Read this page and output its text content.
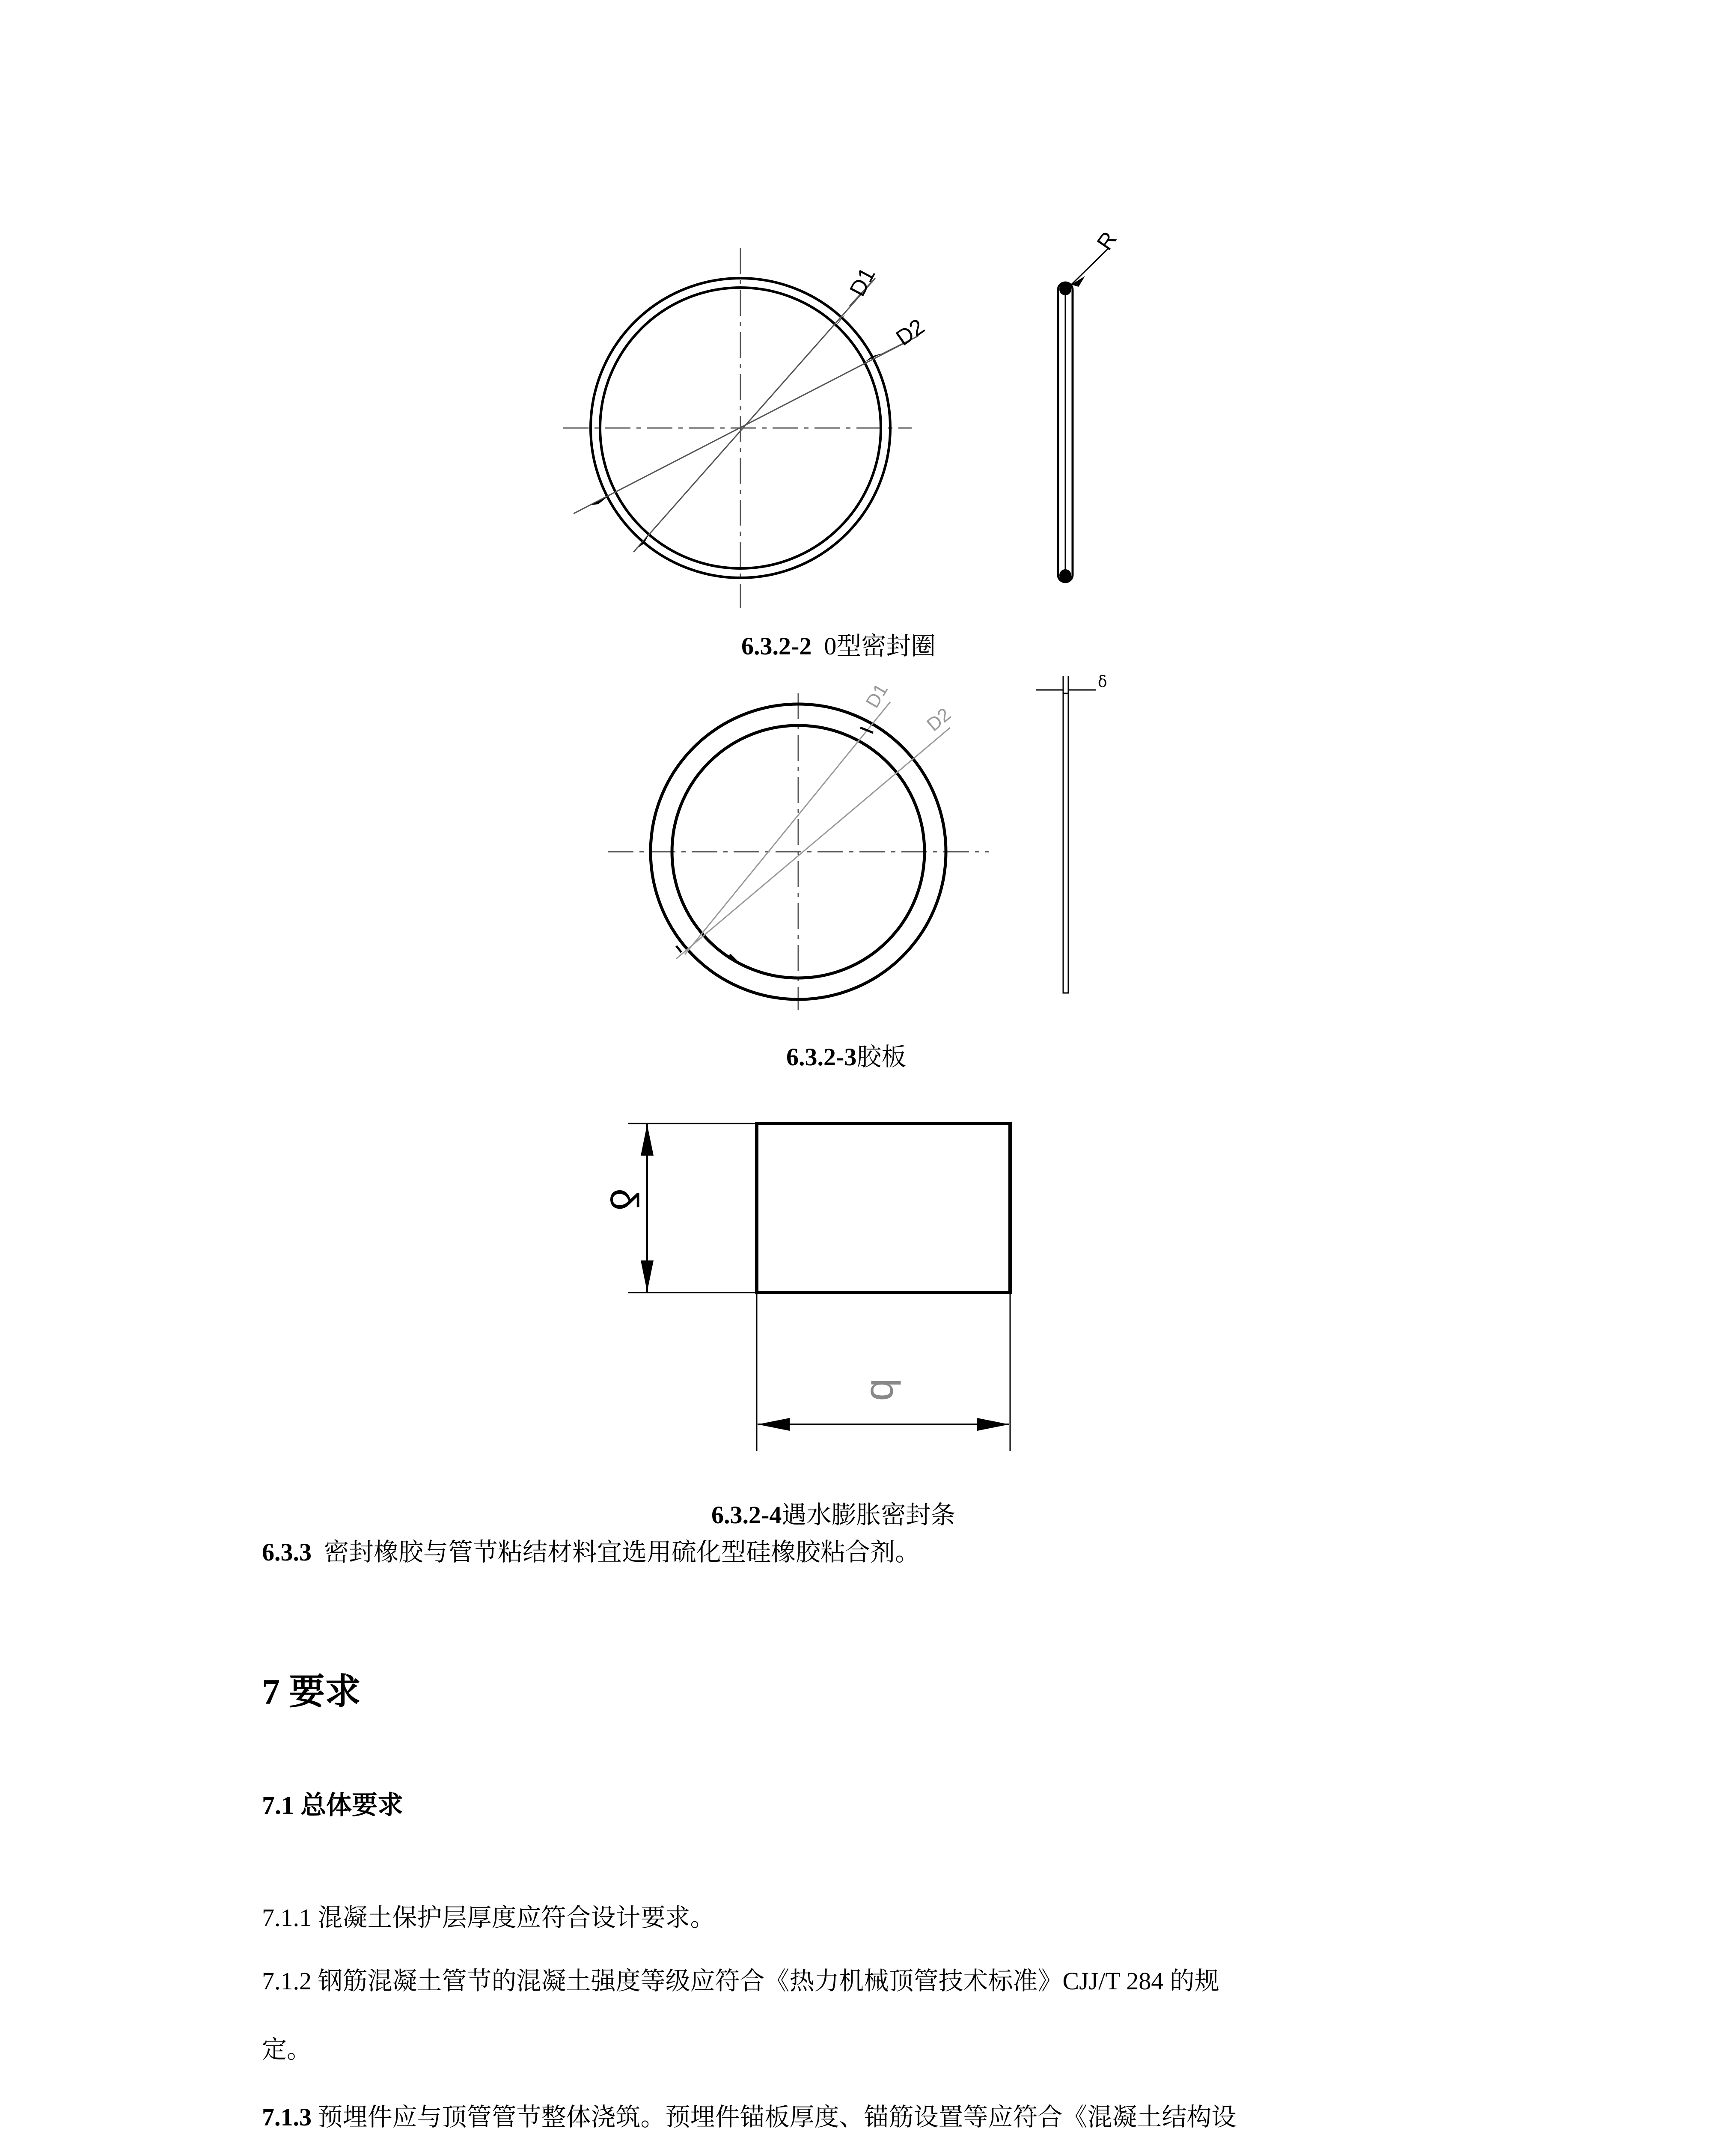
D1
D2
R
6.3.2-2 0型密封圈
D1
D2
δ
6.3.2-3胶板
δ
b
6.3.2-4遇水膨胀密封条
6.3.3 密封橡胶与管节粘结材料宜选用硫化型硅橡胶粘合剂。
7 要求
7.1 总体要求
7.1.1 混凝土保护层厚度应符合设计要求。
7.1.2 钢筋混凝土管节的混凝土强度等级应符合《热力机械顶管技术标准》CJJ/T 284 的规
定。
7.1.3 预埋件应与顶管管节整体浇筑。预埋件锚板厚度、锚筋设置等应符合《混凝土结构设
